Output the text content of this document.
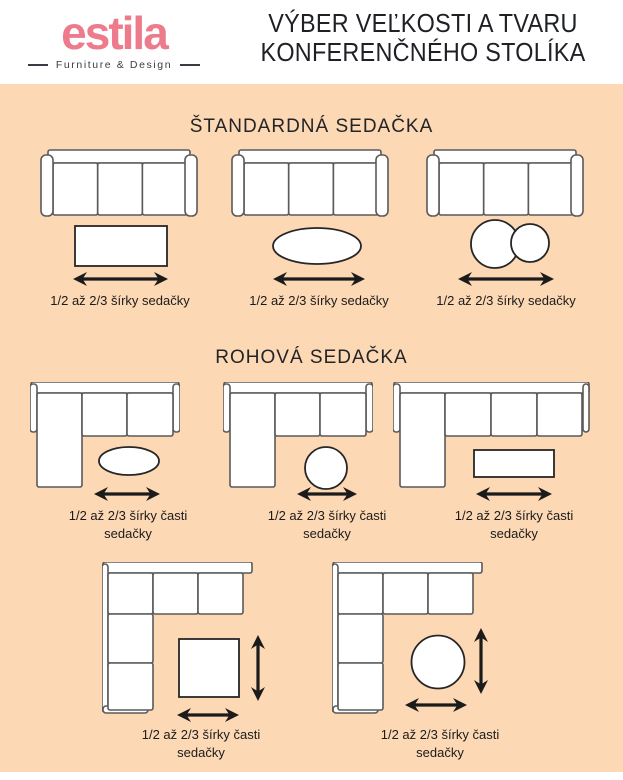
estila
Furniture & Design
VÝBER VEĽKOSTI A TVARU
KONFERENČNÉHO STOLÍKA
ŠTANDARDNÁ SEDAČKA
1/2 až 2/3 šírky sedačky	1/2 až 2/3 šírky sedačky	1/2 až 2/3 šírky sedačky
ROHOVÁ SEDAČKA
1/2 až 2/3 šírky časti
sedačky
1/2 až 2/3 šírky časti
sedačky
1/2 až 2/3 šírky časti
sedačky
1/2 až 2/3 šírky časti
sedačky
1/2 až 2/3 šírky časti
sedačky
